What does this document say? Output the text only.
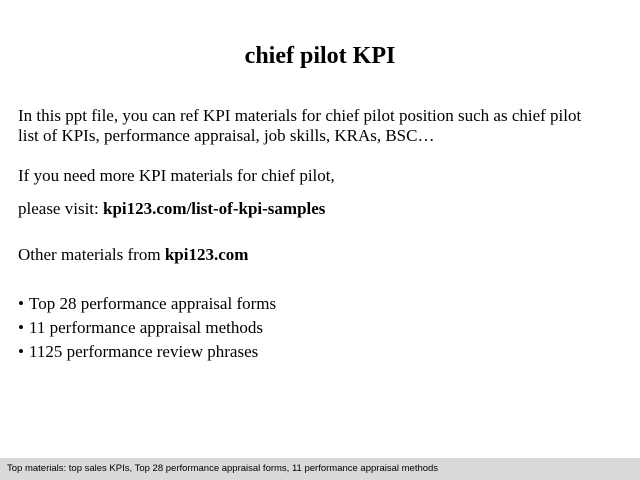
chief pilot KPI
In this ppt file, you can ref KPI materials for chief pilot position such as chief pilot
list of KPIs, performance appraisal, job skills, KRAs, BSC…
If you need more KPI materials for chief pilot,
please visit: kpi123.com/list-of-kpi-samples
Other materials from kpi123.com
• Top 28 performance appraisal forms
• 11 performance appraisal methods
• 1125 performance review phrases
Top materials: top sales KPIs, Top 28 performance appraisal forms, 11 performance appraisal methods
